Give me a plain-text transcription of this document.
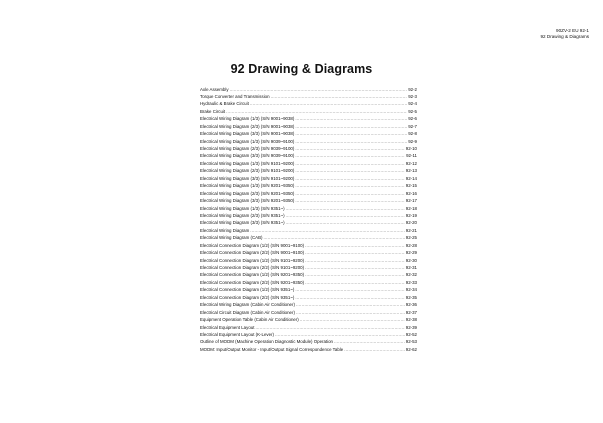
90ZV-2 EU 92-1
92 Drawing & Diagrams
92 Drawing & Diagrams
Axle Assembly .....	92-2
Torque Converter and Transmission .....	92-3
Hydraulic & Brake Circuit .....	92-4
Brake Circuit .....	92-5
Electrical Wiring Diagram (1/3) (S/N 9001~9038) .....	92-6
Electrical Wiring Diagram (2/3) (S/N 9001~9038) .....	92-7
Electrical Wiring Diagram (3/3) (S/N 9001~9038) .....	92-8
Electrical Wiring Diagram (1/3) (S/N 9039~9100) .....	92-9
Electrical Wiring Diagram (2/3) (S/N 9039~9100) .....	92-10
Electrical Wiring Diagram (3/3) (S/N 9039~9100) .....	92-11
Electrical Wiring Diagram (1/3) (S/N 9101~9200) .....	92-12
Electrical Wiring Diagram (2/3) (S/N 9101~9200) .....	92-13
Electrical Wiring Diagram (3/3) (S/N 9101~9200) .....	92-14
Electrical Wiring Diagram (1/3) (S/N 9201~9350) .....	92-15
Electrical Wiring Diagram (2/3) (S/N 9201~9350) .....	92-16
Electrical Wiring Diagram (3/3) (S/N 9201~9350) .....	92-17
Electrical Wiring Diagram (1/3) (S/N 9351~) .....	92-18
Electrical Wiring Diagram (2/3) (S/N 9351~) .....	92-19
Electrical Wiring Diagram (3/3) (S/N 9351~) .....	92-20
Electrical Wiring Diagram .....	92-21
Electrical Wiring Diagram (CAB) .....	92-25
Electrical Connection Diagram (1/2) (S/N 9001~9100) .....	92-28
Electrical Connection Diagram (2/2) (S/N 9001~9100) .....	92-29
Electrical Connection Diagram (1/2) (S/N 9101~9200) .....	92-30
Electrical Connection Diagram (2/2) (S/N 9101~9200) .....	92-31
Electrical Connection Diagram (1/2) (S/N 9201~9350) .....	92-32
Electrical Connection Diagram (2/2) (S/N 9201~9350) .....	92-33
Electrical Connection Diagram (1/2) (S/N 9351~) .....	92-34
Electrical Connection Diagram (2/2) (S/N 9351~) .....	92-35
Electrical Wiring Diagram (Cabin Air Conditioner) .....	92-36
Electrical Circuit Diagram (Cabin Air Conditioner) .....	92-37
Equipment Operation Table (Cabin Air Conditioner) .....	92-38
Electrical Equipment Layout .....	92-39
Electrical Equipment Layout (K-Lever) .....	92-52
Outline of MODM (Machine Operation Diagnostic Module) Operation .....	92-53
MODM: Input/Output Monitor - Input/Output Signal Correspondence Table .....	92-62
